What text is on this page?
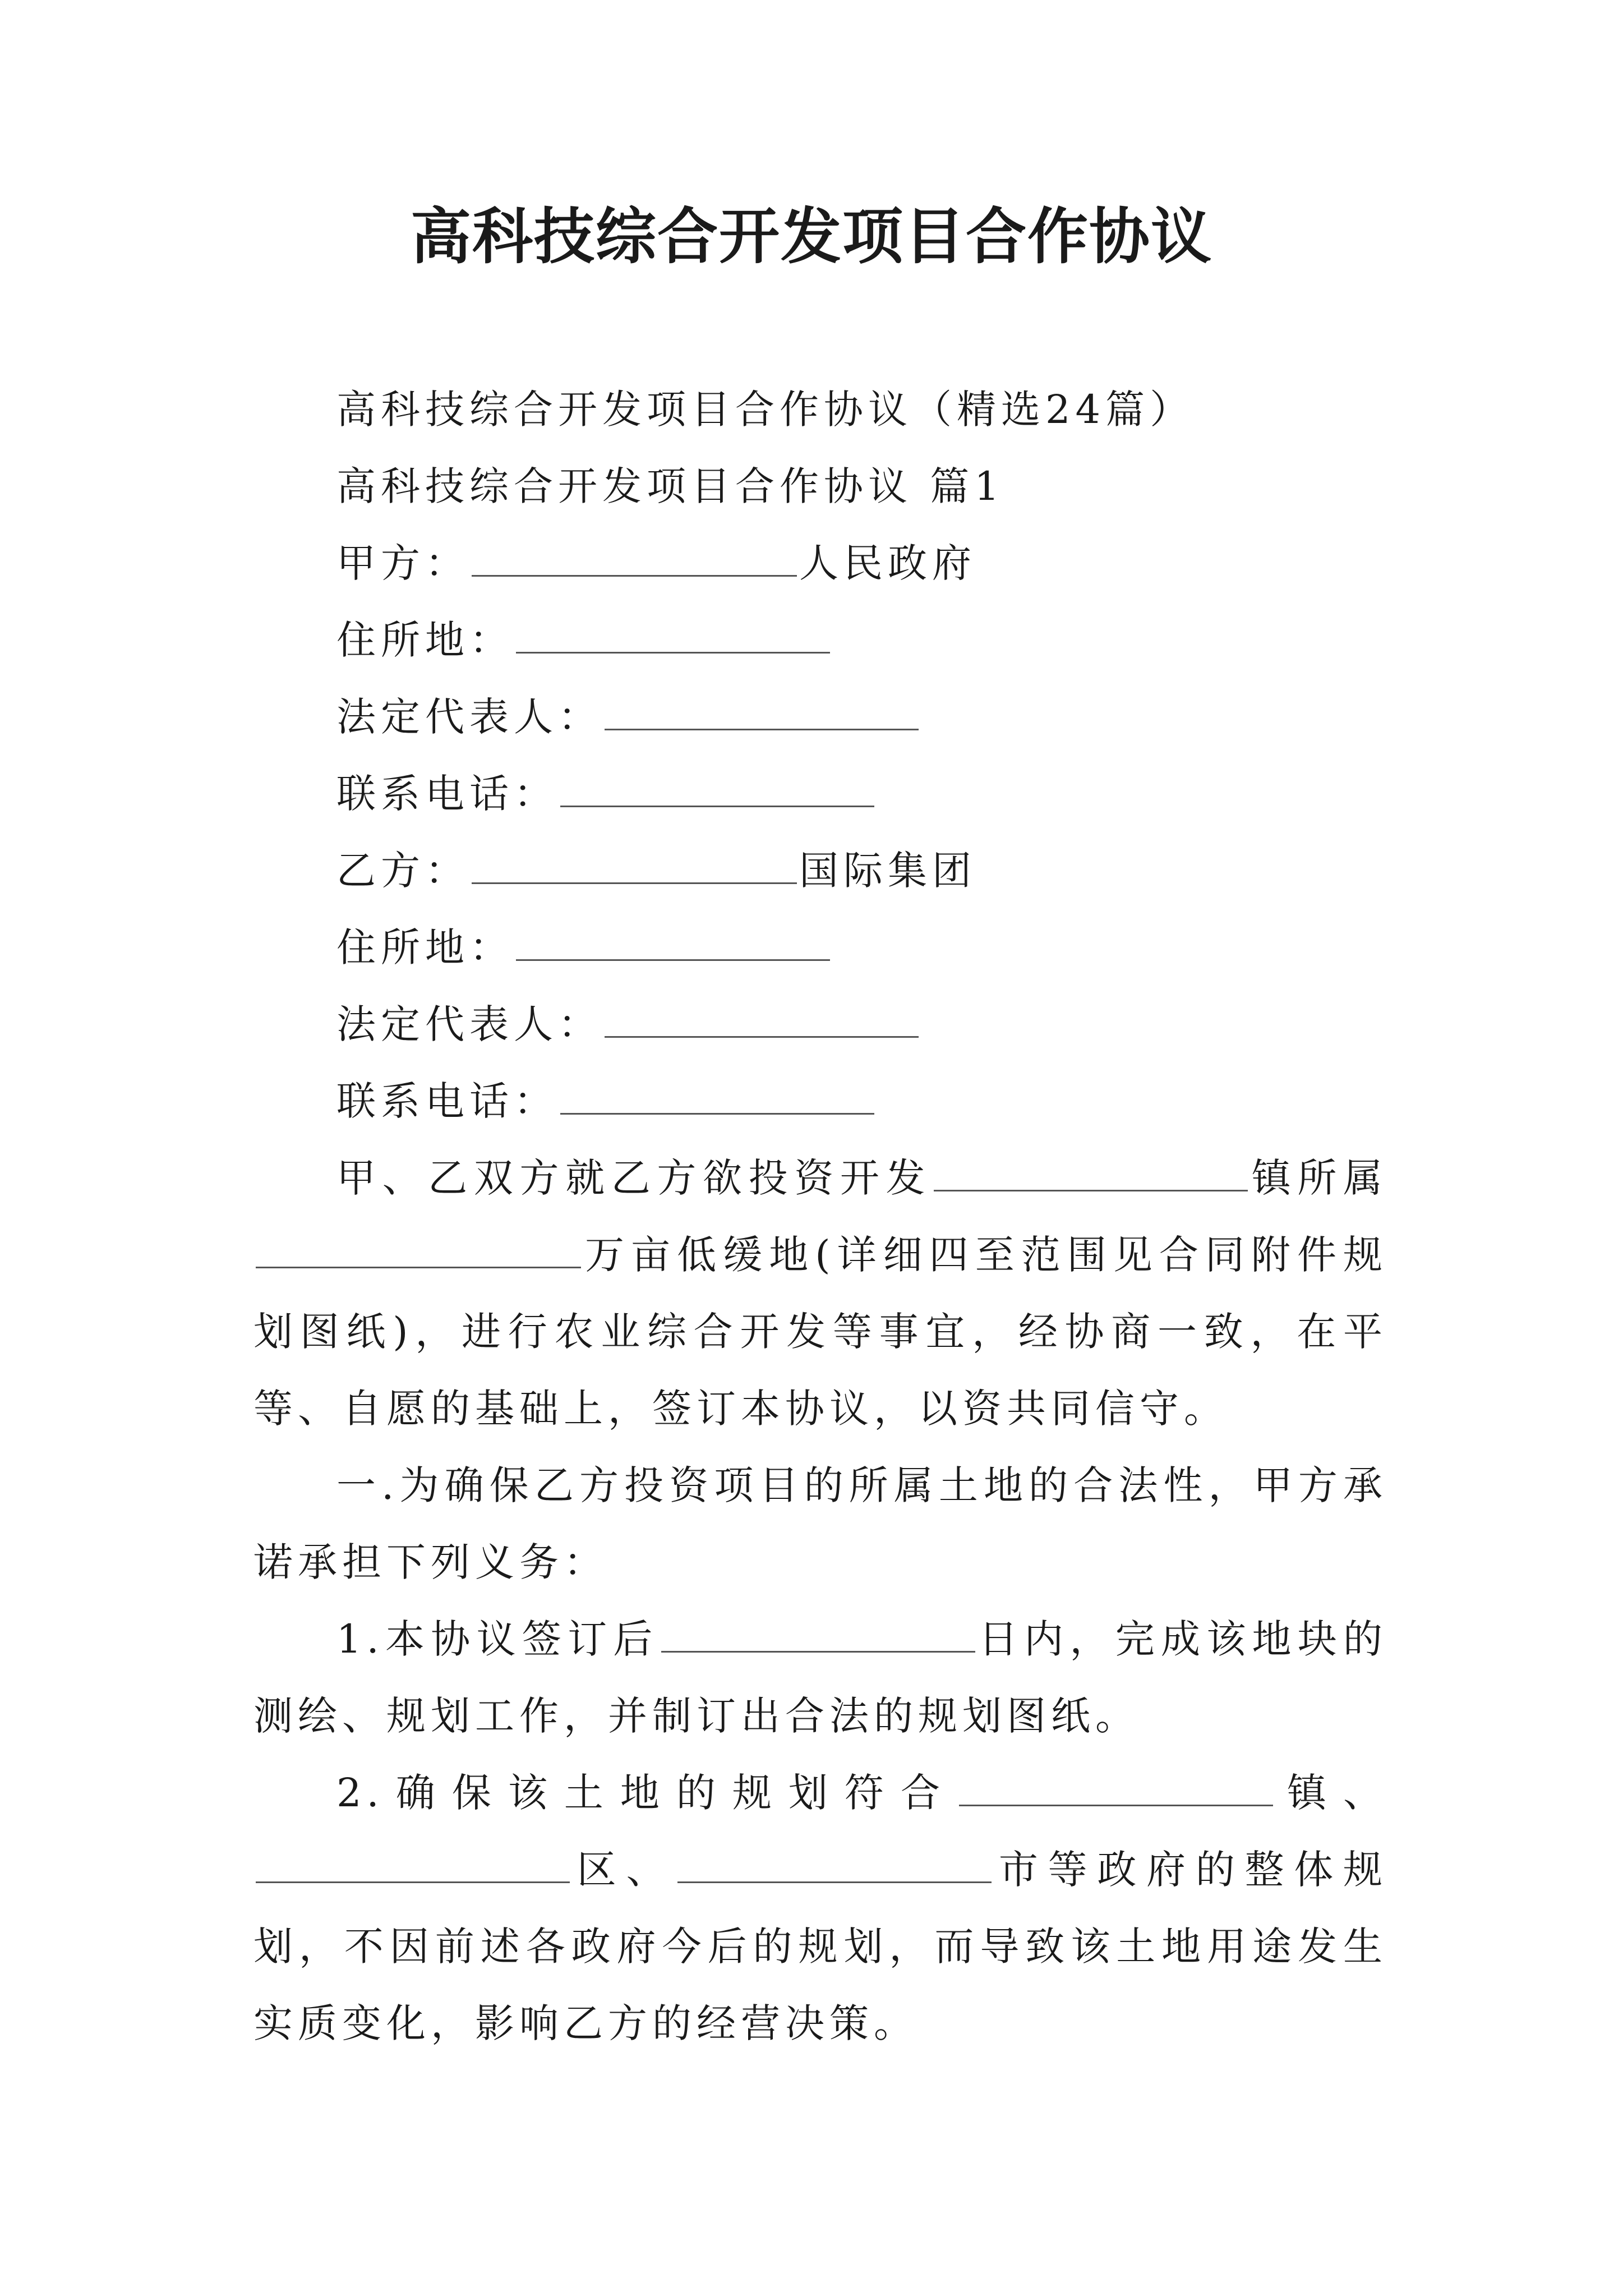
高科技综合开发项目合作协议

高科技综合开发项目合作协议（精选24篇）

高科技综合开发项目合作协议 篇1

甲方：	人民政府

住所地：

法定代表人：

联系电话：

乙方：	国际集团

住所地：

法定代表人：

联系电话：

甲、乙双方就乙方欲投资开发	镇所属万亩低缓地(详细四至范围见合同附件规划图纸)，进行农业综合开发等事宜，经协商一致，在平等、自愿的基础上，签订本协议，以资共同信守。

一.为确保乙方投资项目的所属土地的合法性，甲方承诺承担下列义务：

1.本协议签订后	日内，完成该地块的测绘、规划工作，并制订出合法的规划图纸。

2.确保该土地的规划符合	镇、区、	市等政府的整体规划，不因前述各政府今后的规划，而导致该土地用途发生实质变化，影响乙方的经营决策。
